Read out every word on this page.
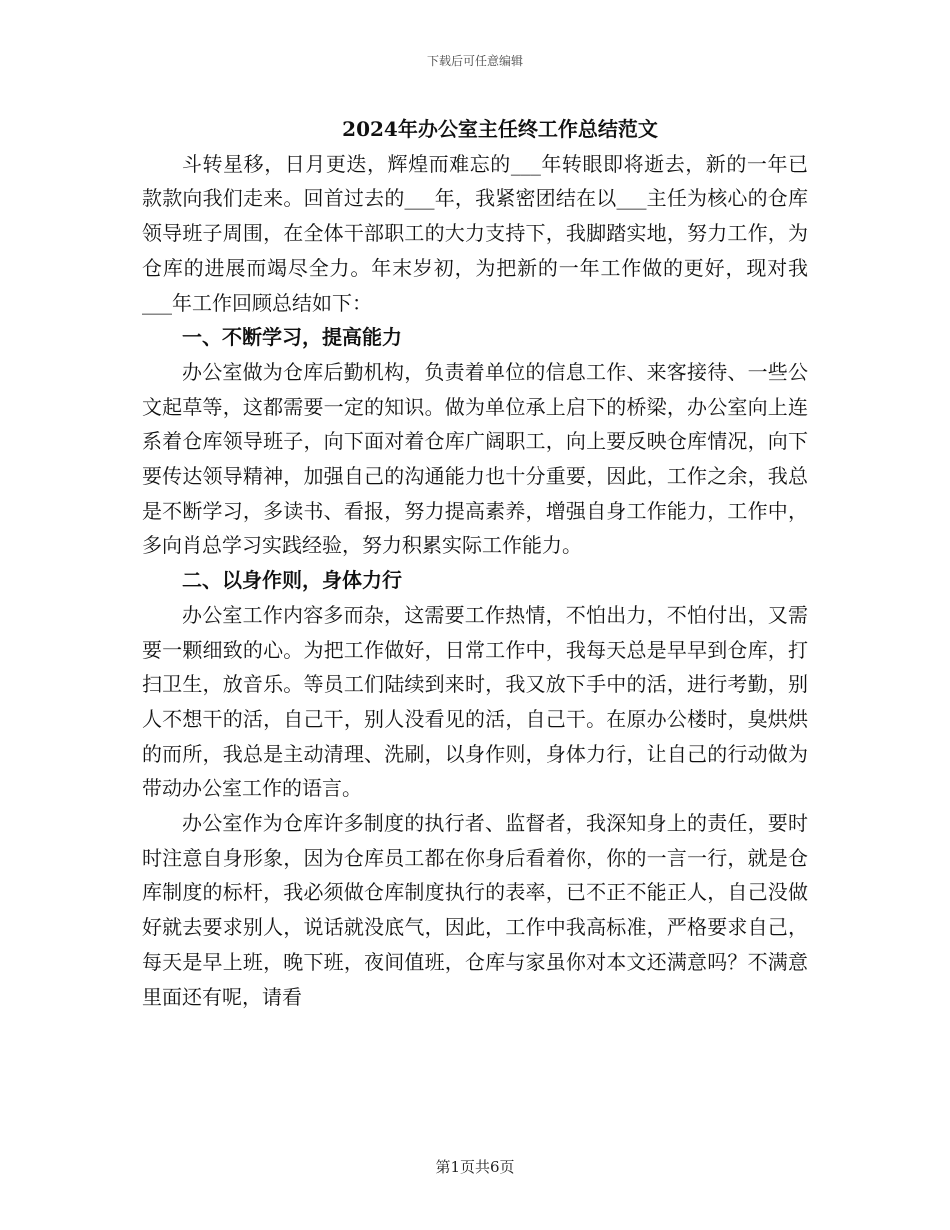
下载后可任意编辑
2024年办公室主任终工作总结范文

斗转星移，日月更迭，辉煌而难忘的___年转眼即将逝去，新的一年已款款向我们走来。回首过去的___年，我紧密团结在以___主任为核心的仓库领导班子周围，在全体干部职工的大力支持下，我脚踏实地，努力工作，为仓库的进展而竭尽全力。年末岁初，为把新的一年工作做的更好，现对我___年工作回顾总结如下：

一、不断学习，提高能力

办公室做为仓库后勤机构，负责着单位的信息工作、来客接待、一些公文起草等，这都需要一定的知识。做为单位承上启下的桥梁，办公室向上连系着仓库领导班子，向下面对着仓库广阔职工，向上要反映仓库情况，向下要传达领导精神，加强自己的沟通能力也十分重要，因此，工作之余，我总是不断学习，多读书、看报，努力提高素养，增强自身工作能力，工作中，多向肖总学习实践经验，努力积累实际工作能力。

二、以身作则，身体力行

办公室工作内容多而杂，这需要工作热情，不怕出力，不怕付出，又需要一颗细致的心。为把工作做好，日常工作中，我每天总是早早到仓库，打扫卫生，放音乐。等员工们陆续到来时，我又放下手中的活，进行考勤，别人不想干的活，自己干，别人没看见的活，自己干。在原办公楼时，臭烘烘的而所，我总是主动清理、洗刷，以身作则，身体力行，让自己的行动做为带动办公室工作的语言。

办公室作为仓库许多制度的执行者、监督者，我深知身上的责任，要时时注意自身形象，因为仓库员工都在你身后看着你，你的一言一行，就是仓库制度的标杆，我必须做仓库制度执行的表率，已不正不能正人，自己没做好就去要求别人，说话就没底气，因此，工作中我高标准，严格要求自己，每天是早上班，晚下班，夜间值班，仓库与家虽你对本文还满意吗？不满意里面还有呢，请看

第1页共6页
